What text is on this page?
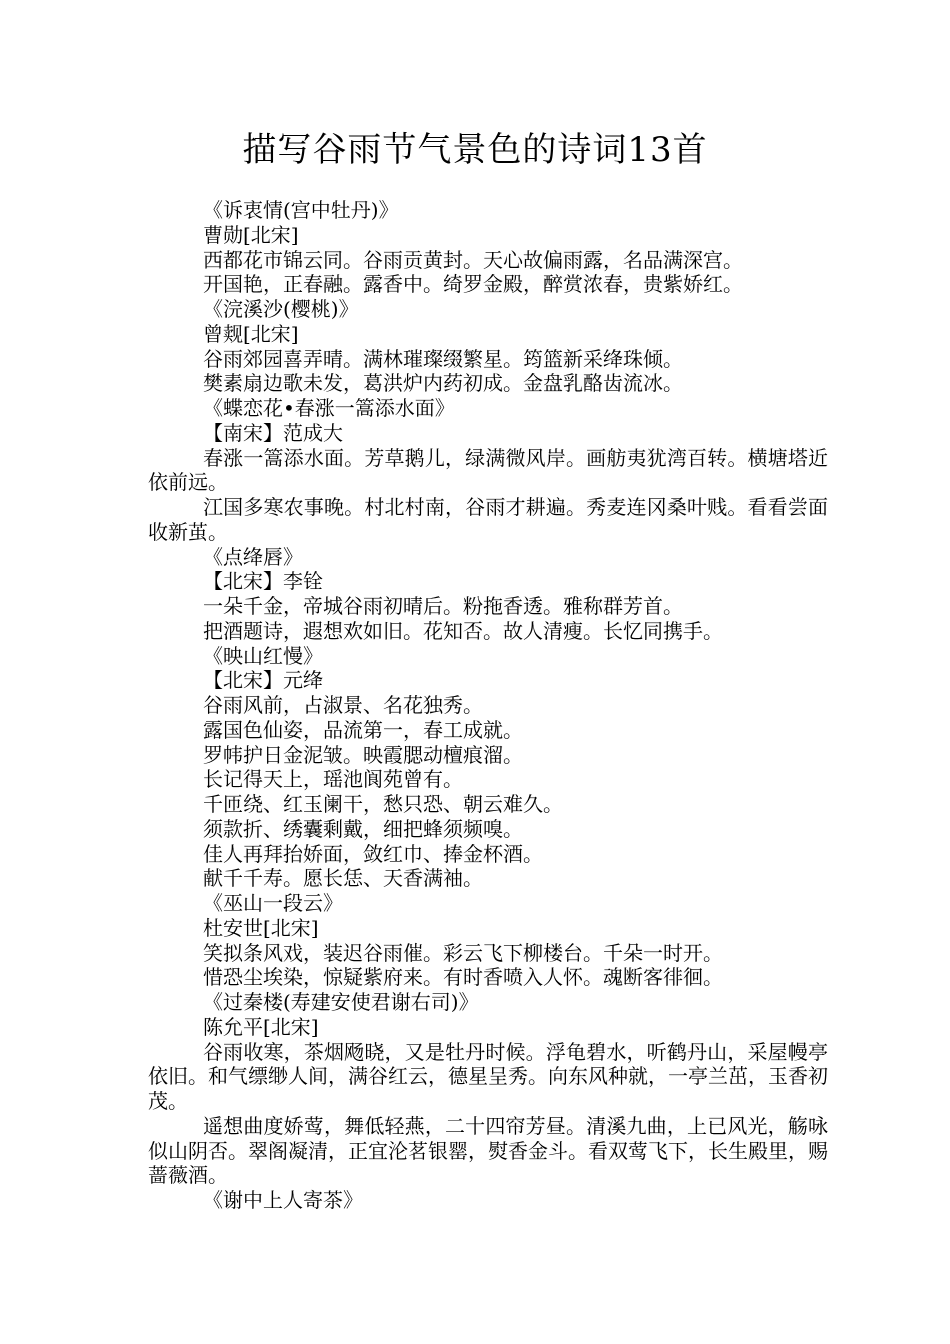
描写谷雨节气景色的诗词13首
《诉衷情(宫中牡丹)》
曹勋[北宋]
西都花市锦云同。谷雨贡黄封。天心故偏雨露，名品满深宫。
开国艳，正春融。露香中。绮罗金殿，醉赏浓春，贵紫娇红。
《浣溪沙(樱桃)》
曾觌[北宋]
谷雨郊园喜弄晴。满林璀璨缀繁星。筠篮新采绛珠倾。
樊素扇边歌未发，葛洪炉内药初成。金盘乳酪齿流冰。
《蝶恋花•春涨一篙添水面》
【南宋】范成大
春涨一篙添水面。芳草鹅儿，绿满微风岸。画舫夷犹湾百转。横塘塔近依前远。
江国多寒农事晚。村北村南，谷雨才耕遍。秀麦连冈桑叶贱。看看尝面收新茧。
《点绛唇》
【北宋】李铨
一朵千金，帝城谷雨初晴后。粉拖香透。雅称群芳首。
把酒题诗，遐想欢如旧。花知否。故人清瘦。长忆同携手。
《映山红慢》
【北宋】元绛
谷雨风前，占淑景、名花独秀。
露国色仙姿，品流第一，春工成就。
罗帏护日金泥皱。映霞腮动檀痕溜。
长记得天上，瑶池阆苑曾有。
千匝绕、红玉阑干，愁只恐、朝云难久。
须款折、绣囊剩戴，细把蜂须频嗅。
佳人再拜抬娇面，敛红巾、捧金杯酒。
献千千寿。愿长恁、天香满袖。
《巫山一段云》
杜安世[北宋]
笑拟条风戏，装迟谷雨催。彩云飞下柳楼台。千朵一时开。
惜恐尘埃染，惊疑紫府来。有时香喷入人怀。魂断客徘徊。
《过秦楼(寿建安使君谢右司)》
陈允平[北宋]
谷雨收寒，茶烟飏晓，又是牡丹时候。浮龟碧水，听鹤丹山，采屋幔亭依旧。和气缥缈人间，满谷红云，德星呈秀。向东风种就，一亭兰茁，玉香初茂。
遥想曲度娇莺，舞低轻燕，二十四帘芳昼。清溪九曲，上已风光，觞咏似山阴否。翠阁凝清，正宜沦茗银罂，熨香金斗。看双莺飞下，长生殿里，赐蔷薇酒。
《谢中上人寄茶》
